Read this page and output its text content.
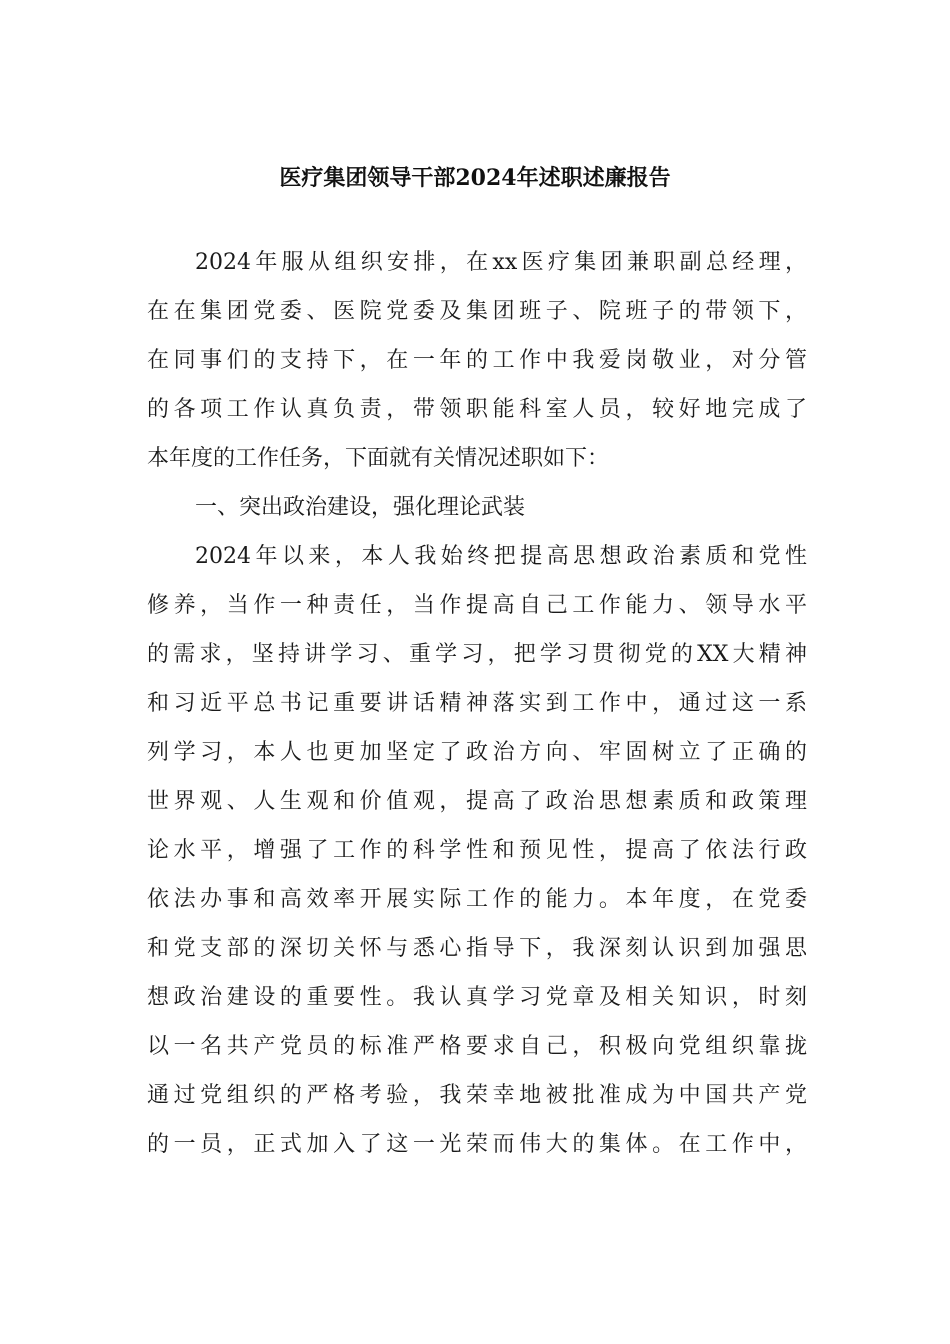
医疗集团领导干部2024年述职述廉报告
2024年服从组织安排，在xx医疗集团兼职副总经理，
在在集团党委、医院党委及集团班子、院班子的带领下，
在同事们的支持下，在一年的工作中我爱岗敬业，对分管
的各项工作认真负责，带领职能科室人员，较好地完成了
本年度的工作任务，下面就有关情况述职如下：
一、突出政治建设，强化理论武装
2024年以来，本人我始终把提高思想政治素质和党性
修养，当作一种责任，当作提高自己工作能力、领导水平
的需求，坚持讲学习、重学习，把学习贯彻党的XX大精神
和习近平总书记重要讲话精神落实到工作中，通过这一系
列学习，本人也更加坚定了政治方向、牢固树立了正确的
世界观、人生观和价值观，提高了政治思想素质和政策理
论水平，增强了工作的科学性和预见性，提高了依法行政
依法办事和高效率开展实际工作的能力。本年度，在党委
和党支部的深切关怀与悉心指导下，我深刻认识到加强思
想政治建设的重要性。我认真学习党章及相关知识，时刻
以一名共产党员的标准严格要求自己，积极向党组织靠拢
通过党组织的严格考验，我荣幸地被批准成为中国共产党
的一员，正式加入了这一光荣而伟大的集体。在工作中，
